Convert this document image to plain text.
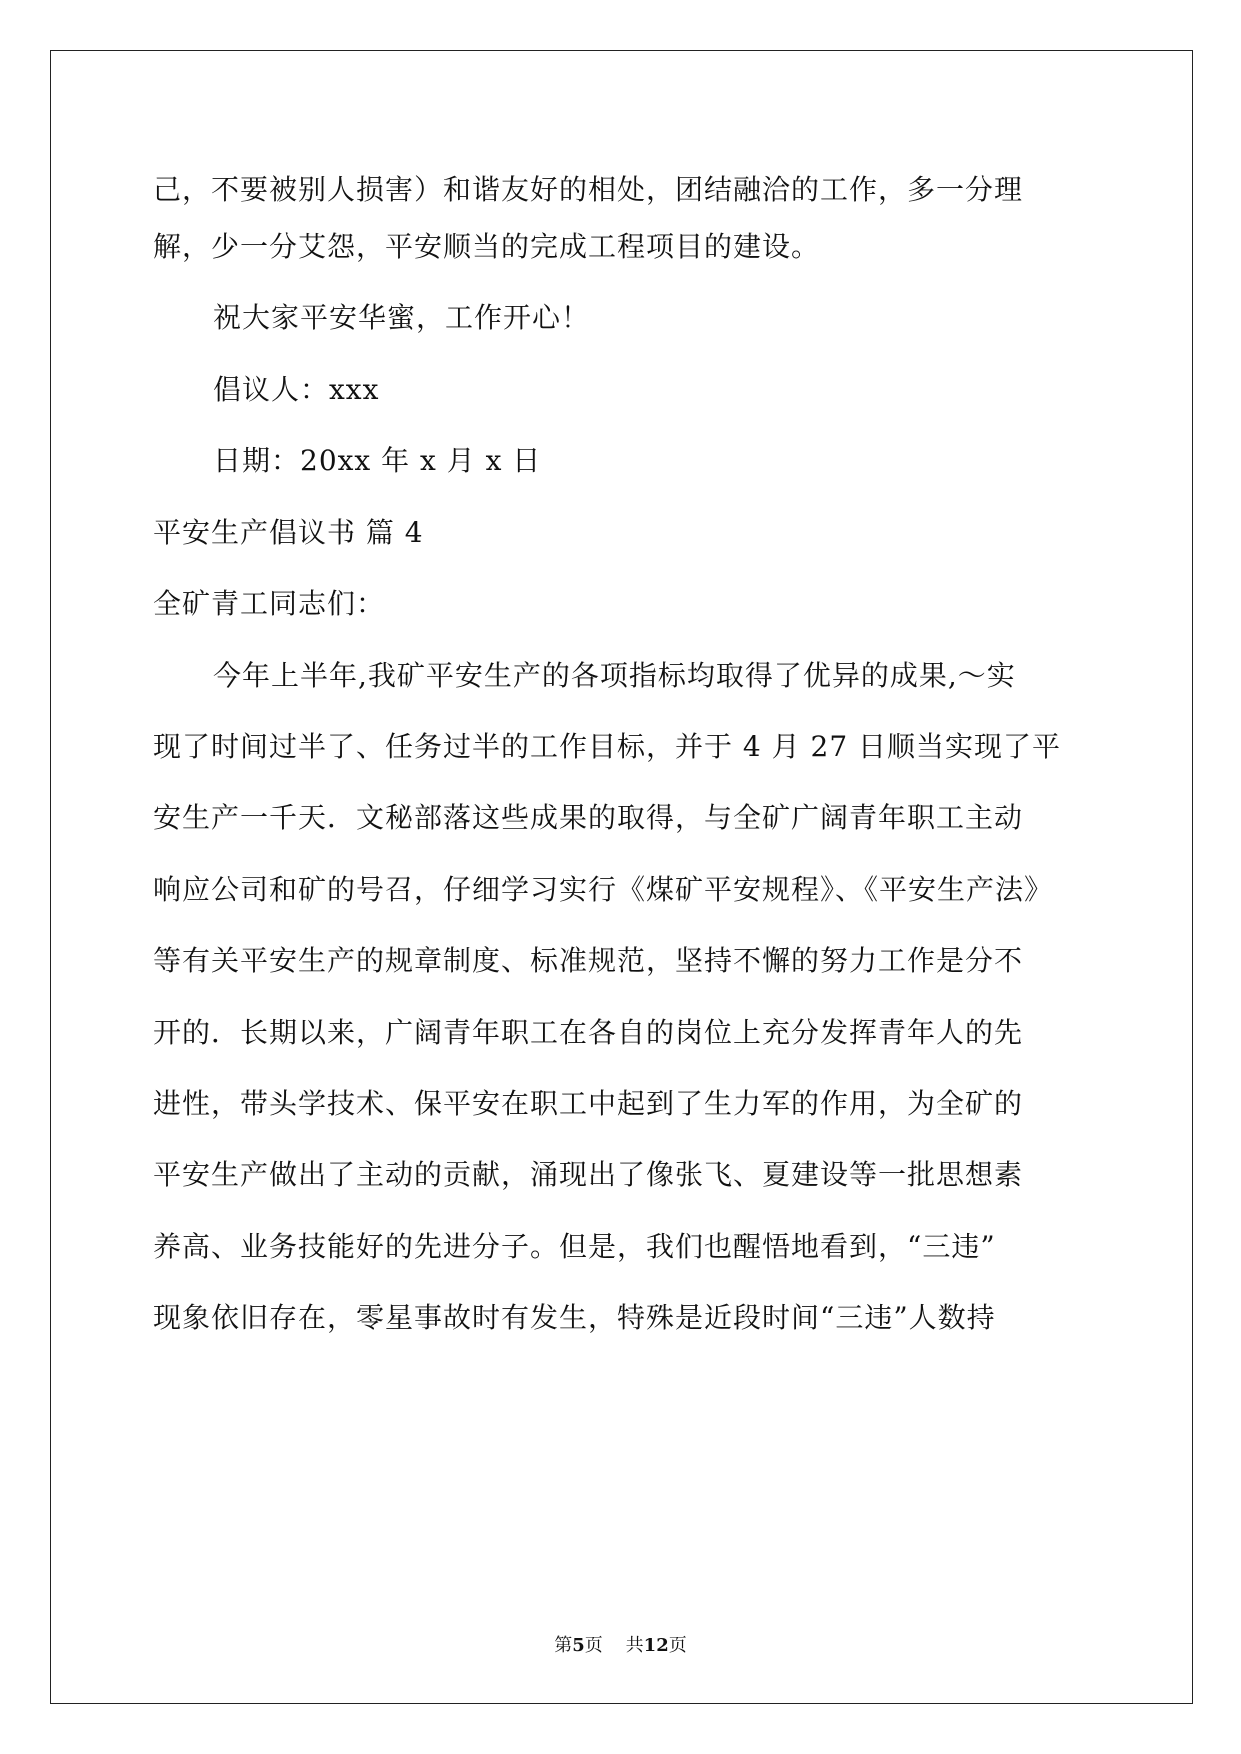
己，不要被别人损害）和谐友好的相处，团结融洽的工作，多一分理
解，少一分艾怨，平安顺当的完成工程项目的建设。
祝大家平安华蜜，工作开心！
倡议人：xxx
日期：20xx 年 x 月 x 日
平安生产倡议书 篇 4
全矿青工同志们：
今年上半年,我矿平安生产的各项指标均取得了优异的成果,～实
现了时间过半了、任务过半的工作目标，并于 4 月 27 日顺当实现了平
安生产一千天．文秘部落这些成果的取得，与全矿广阔青年职工主动
响应公司和矿的号召，仔细学习实行《煤矿平安规程》、《平安生产法》
等有关平安生产的规章制度、标准规范，坚持不懈的努力工作是分不
开的．长期以来，广阔青年职工在各自的岗位上充分发挥青年人的先
进性，带头学技术、保平安在职工中起到了生力军的作用，为全矿的
平安生产做出了主动的贡献，涌现出了像张飞、夏建设等一批思想素
养高、业务技能好的先进分子。但是，我们也醒悟地看到，“三违”
现象依旧存在，零星事故时有发生，特殊是近段时间“三违”人数持
第5页    共12页
